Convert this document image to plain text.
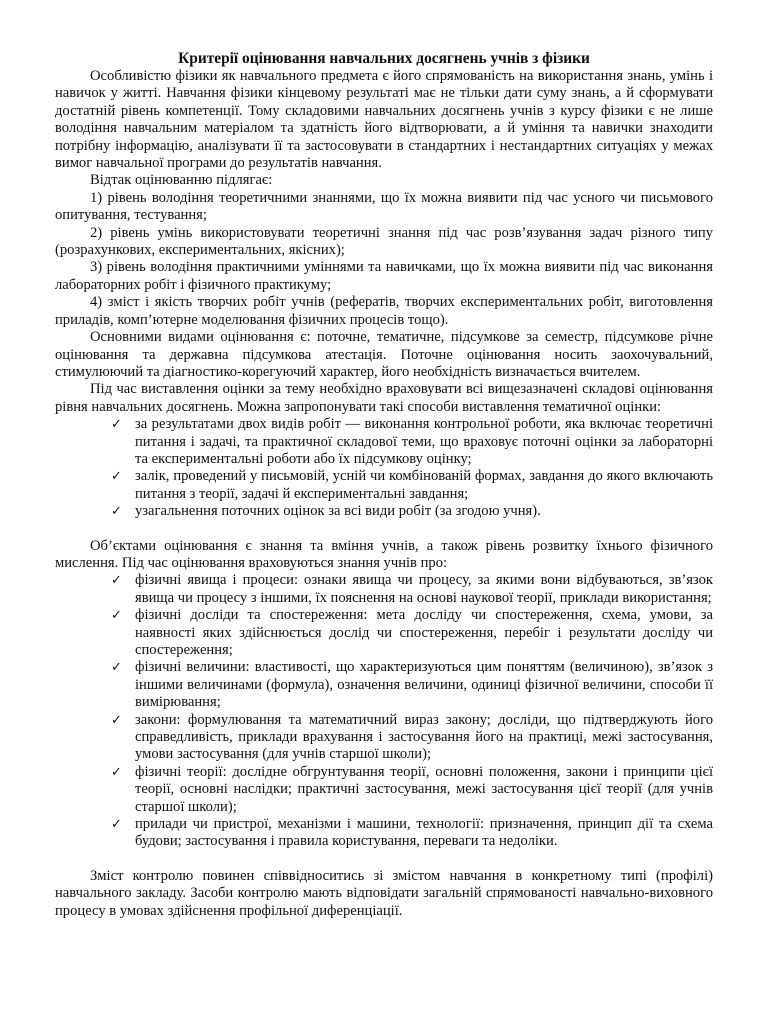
Критерії оцінювання навчальних досягнень учнів з фізики

Особливістю фізики як навчального предмета є його спрямованість на використання знань, умінь і навичок у житті. Навчання фізики кінцевому результаті має не тільки дати суму знань, а й сформувати достатній рівень компетенції. Тому складовими навчальних досягнень учнів з курсу фізики є не лише володіння навчальним матеріалом та здатність його відтворювати, а й уміння та навички знаходити потрібну інформацію, аналізувати її та застосовувати в стандартних і нестандартних ситуаціях у межах вимог навчальної програми до результатів навчання.

Відтак оцінюванню підлягає:

1) рівень володіння теоретичними знаннями, що їх можна виявити під час усного чи письмового опитування, тестування;

2) рівень умінь використовувати теоретичні знання під час розв’язування задач різного типу (розрахункових, експериментальних, якісних);

3) рівень володіння практичними уміннями та навичками, що їх можна виявити під час виконання лабораторних робіт і фізичного практикуму;

4) зміст і якість творчих робіт учнів (рефератів, творчих експериментальних робіт, виготовлення приладів, комп’ютерне моделювання фізичних процесів тощо).

Основними видами оцінювання є: поточне, тематичне, підсумкове за семестр, підсумкове річне оцінювання та державна підсумкова атестація. Поточне оцінювання носить заохочувальний, стимулюючий та діагностико-корегуючий характер, його необхідність визначається вчителем.

Під час виставлення оцінки за тему необхідно враховувати всі вищезазначені складові оцінювання рівня навчальних досягнень. Можна запропонувати такі способи виставлення тематичної оцінки:

✓ за результатами двох видів робіт — виконання контрольної роботи, яка включає теоретичні питання і задачі, та практичної складової теми, що враховує поточні оцінки за лабораторні та експериментальні роботи або їх підсумкову оцінку;
✓ залік, проведений у письмовій, усній чи комбінованій формах, завдання до якого включають питання з теорії, задачі й експериментальні завдання;
✓ узагальнення поточних оцінок за всі види робіт (за згодою учня).

Об’єктами оцінювання є знання та вміння учнів, а також рівень розвитку їхнього фізичного мислення. Під час оцінювання враховуються знання учнів про:

✓ фізичні явища і процеси: ознаки явища чи процесу, за якими вони відбуваються, зв’язок явища чи процесу з іншими, їх пояснення на основі наукової теорії, приклади використання;
✓ фізичні досліди та спостереження: мета досліду чи спостереження, схема, умови, за наявності яких здійснюється дослід чи спостереження, перебіг і результати досліду чи спостереження;
✓ фізичні величини: властивості, що характеризуються цим поняттям (величиною), зв’язок з іншими величинами (формула), означення величини, одиниці фізичної величини, способи її вимірювання;
✓ закони: формулювання та математичний вираз закону; досліди, що підтверджують його справедливість, приклади врахування і застосування його на практиці, межі застосування, умови застосування (для учнів старшої школи);
✓ фізичні теорії: дослідне обгрунтування теорії, основні положення, закони і принципи цієї теорії, основні наслідки; практичні застосування, межі застосування цієї теорії (для учнів старшої школи);
✓ прилади чи пристрої, механізми і машини, технології: призначення, принцип дії та схема будови; застосування і правила користування, переваги та недоліки.

Зміст контролю повинен співвідноситись зі змістом навчання в конкретному типі (профілі) навчального закладу. Засоби контролю мають відповідати загальній спрямованості навчально-виховного процесу в умовах здійснення профільної диференціації.
